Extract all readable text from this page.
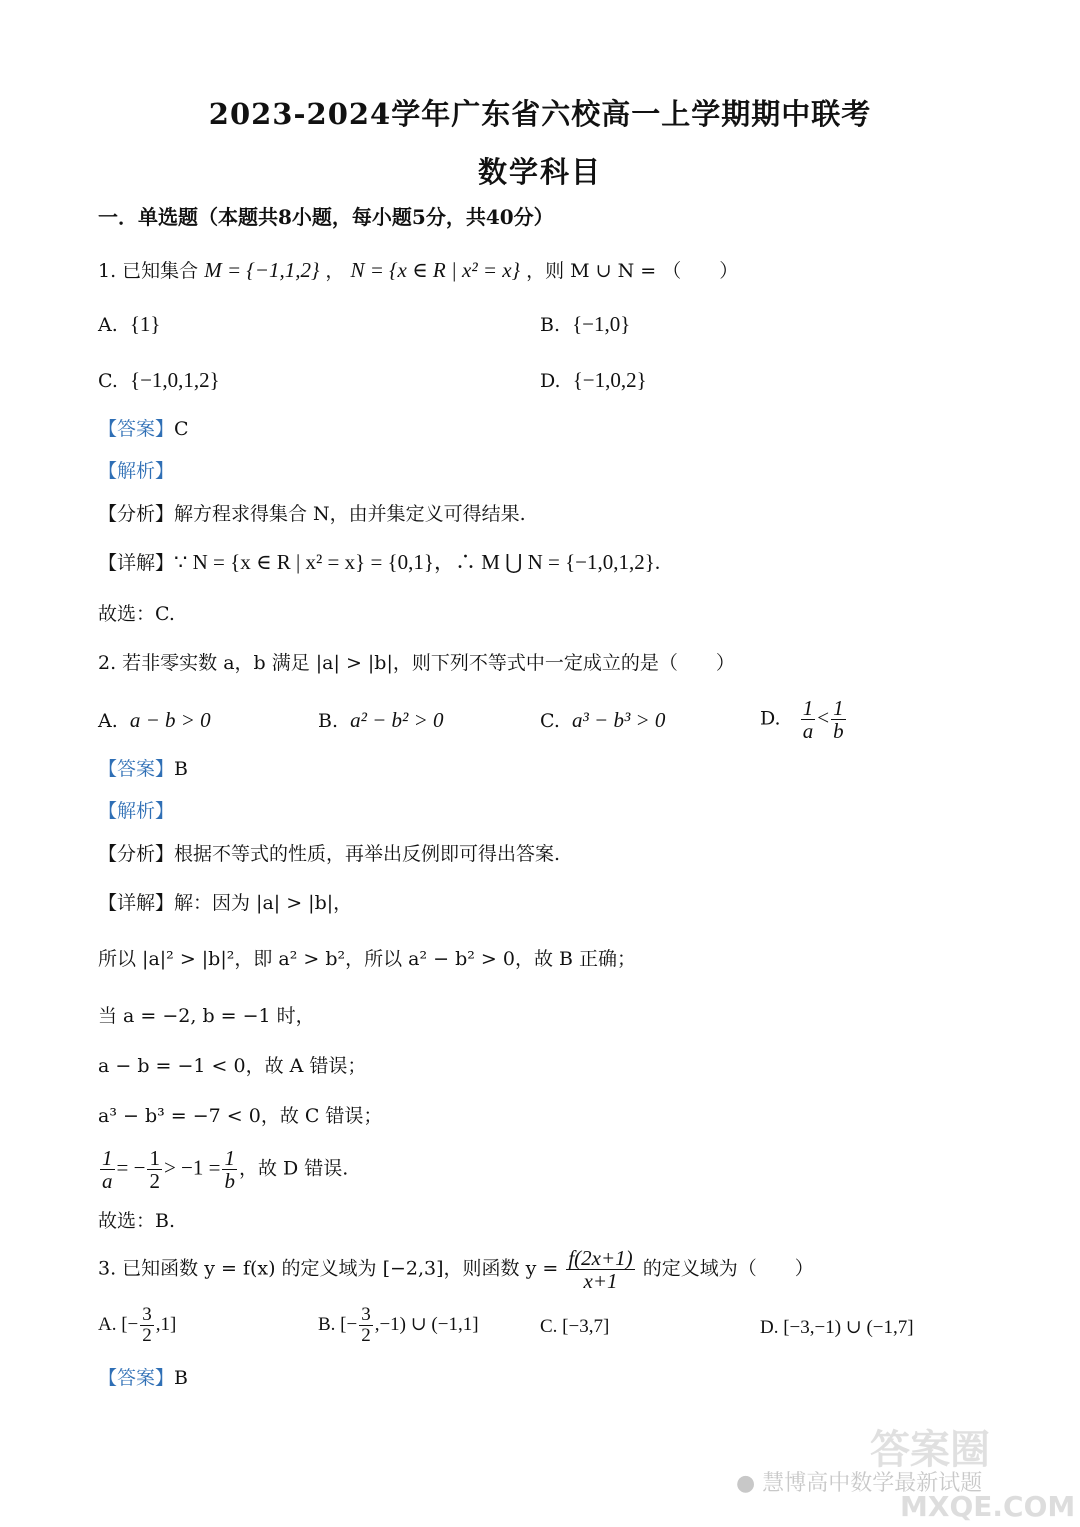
2023-2024学年广东省六校高一上学期期中联考
数学科目
一．单选题（本题共8小题，每小题5分，共40分）
1. 已知集合 M = {−1,1,2} ， N = {x ∈ R | x² = x} ，则 M ∪ N = （　　）
A.  {1}	B.  {−1,0}
C.  {−1,0,1,2}	D.  {−1,0,2}
【答案】C
【解析】
【分析】解方程求得集合 N，由并集定义可得结果.
【详解】∵ N = {x ∈ R | x² = x} = {0,1}，∴ M ⋃ N = {−1,0,1,2}.
故选：C.
2. 若非零实数 a，b 满足 |a| > |b|，则下列不等式中一定成立的是（　　）
A.  a − b > 0	B.  a² − b² > 0	C.  a³ − b³ > 0	D. $\frac{1}{a} < \frac{1}{b}$
【答案】B
【解析】
【分析】根据不等式的性质，再举出反例即可得出答案.
【详解】解：因为 |a| > |b|，
所以 |a|² > |b|²，即 a² > b²，所以 a² − b² > 0，故 B 正确；
当 a = −2, b = −1 时，
a − b = −1 < 0，故 A 错误；
a³ − b³ = −7 < 0，故 C 错误；
$\frac{1}{a}$ = − $\frac{1}{2} > -1 = \frac{1}{b}$ ，故 D 错误.
故选：B.
3. 已知函数 y = f(x) 的定义域为 [−2,3]，则函数 $y = \frac{f(2x+1)}{x+1}$ 的定义域为（　　）
A. [− $\frac{3}{2} ,1$]	B. [− $\frac{3}{2} ,-1$) ∪ (−1,1]	C. [−3,7]	D. [−3,−1) ∪ (−1,7]
【答案】B
● 慧博高中数学最新试题
答案圈
MXQE.COM
